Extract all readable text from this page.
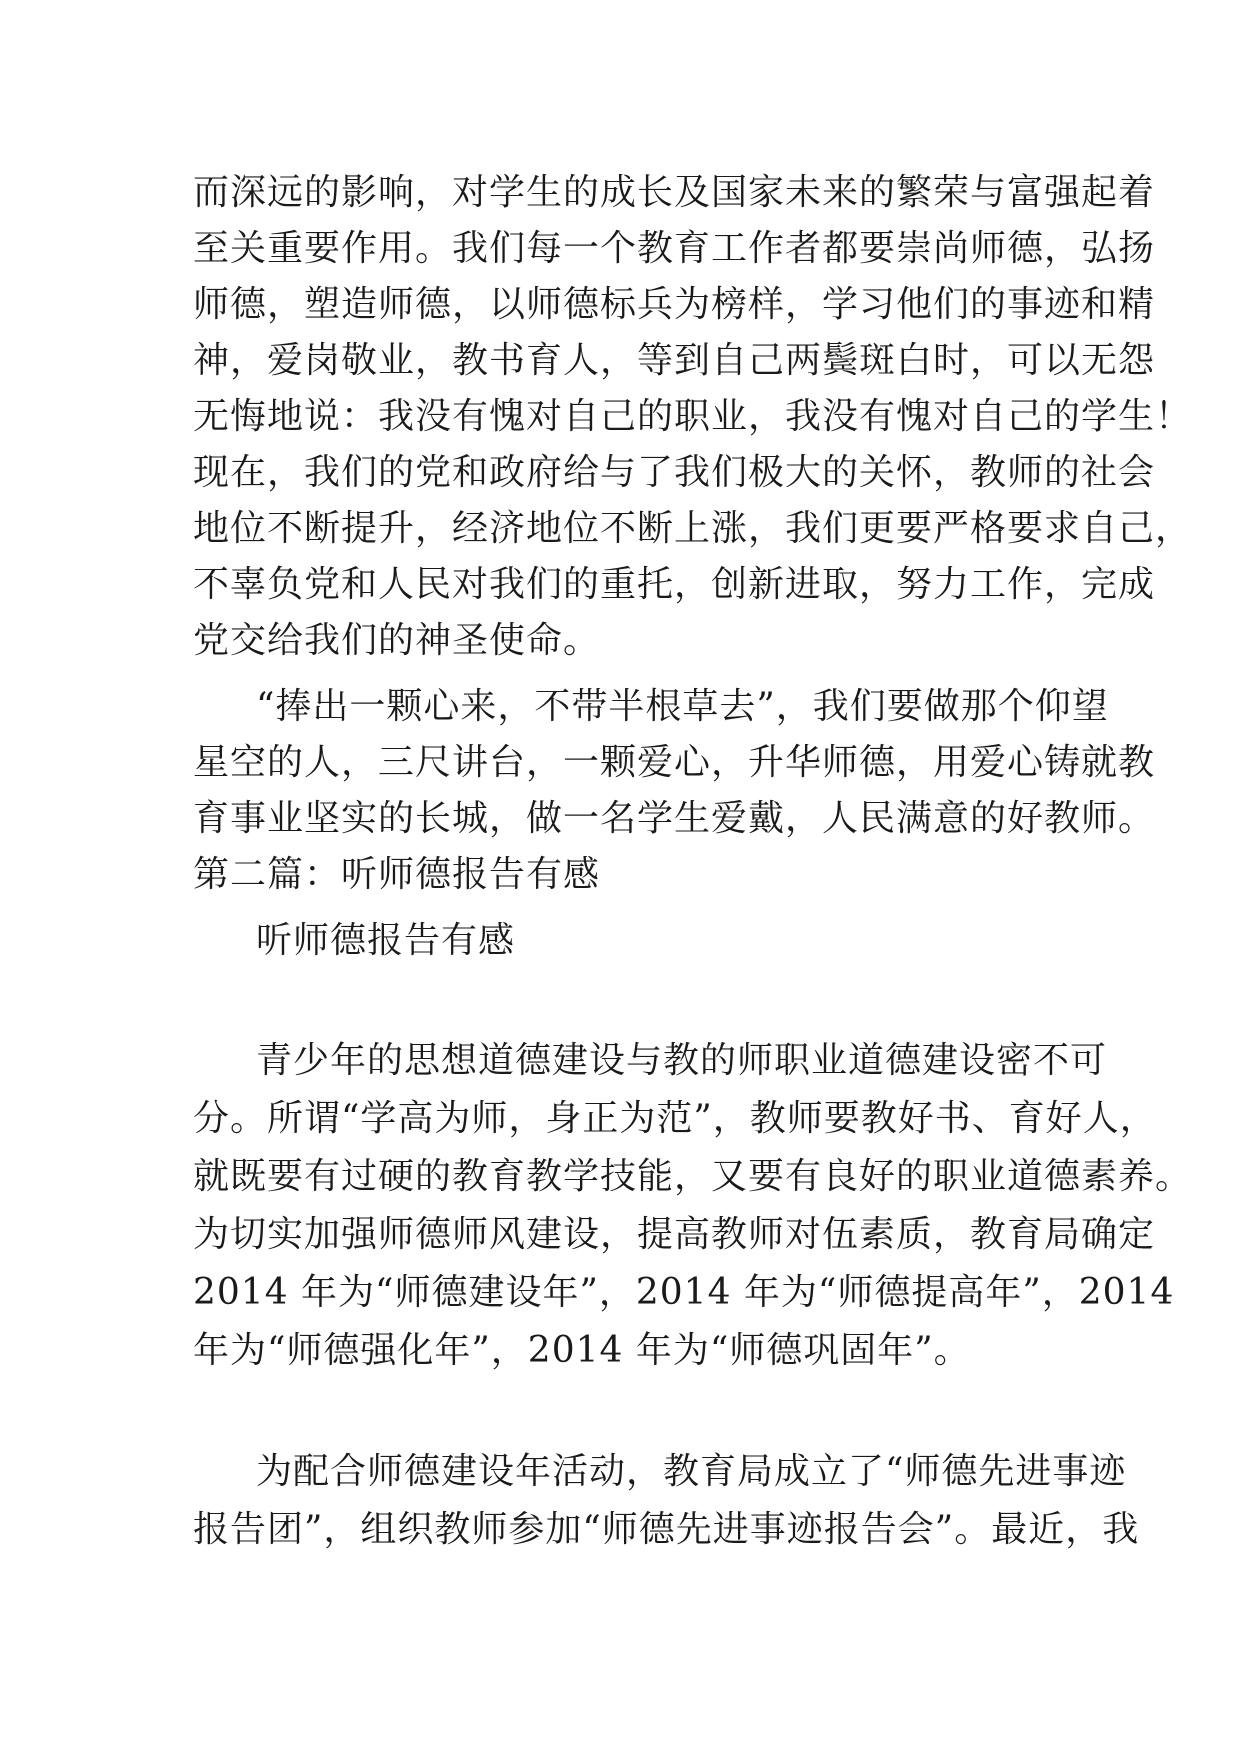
而深远的影响，对学生的成长及国家未来的繁荣与富强起着
至关重要作用。我们每一个教育工作者都要崇尚师德，弘扬
师德，塑造师德，以师德标兵为榜样，学习他们的事迹和精
神，爱岗敬业，教书育人，等到自己两鬓斑白时，可以无怨
无悔地说：我没有愧对自己的职业，我没有愧对自己的学生！
现在，我们的党和政府给与了我们极大的关怀，教师的社会
地位不断提升，经济地位不断上涨，我们更要严格要求自己，
不辜负党和人民对我们的重托，创新进取，努力工作，完成
党交给我们的神圣使命。
“捧出一颗心来，不带半根草去”，我们要做那个仰望
星空的人，三尺讲台，一颗爱心，升华师德，用爱心铸就教
育事业坚实的长城，做一名学生爱戴，人民满意的好教师。
第二篇：听师德报告有感
听师德报告有感
青少年的思想道德建设与教的师职业道德建设密不可
分。所谓“学高为师，身正为范”，教师要教好书、育好人，
就既要有过硬的教育教学技能，又要有良好的职业道德素养。
为切实加强师德师风建设，提高教师对伍素质，教育局确定
2014 年为“师德建设年”，2014 年为“师德提高年”，2014
年为“师德强化年”，2014 年为“师德巩固年”。
为配合师德建设年活动，教育局成立了“师德先进事迹
报告团”，组织教师参加“师德先进事迹报告会”。最近，我
